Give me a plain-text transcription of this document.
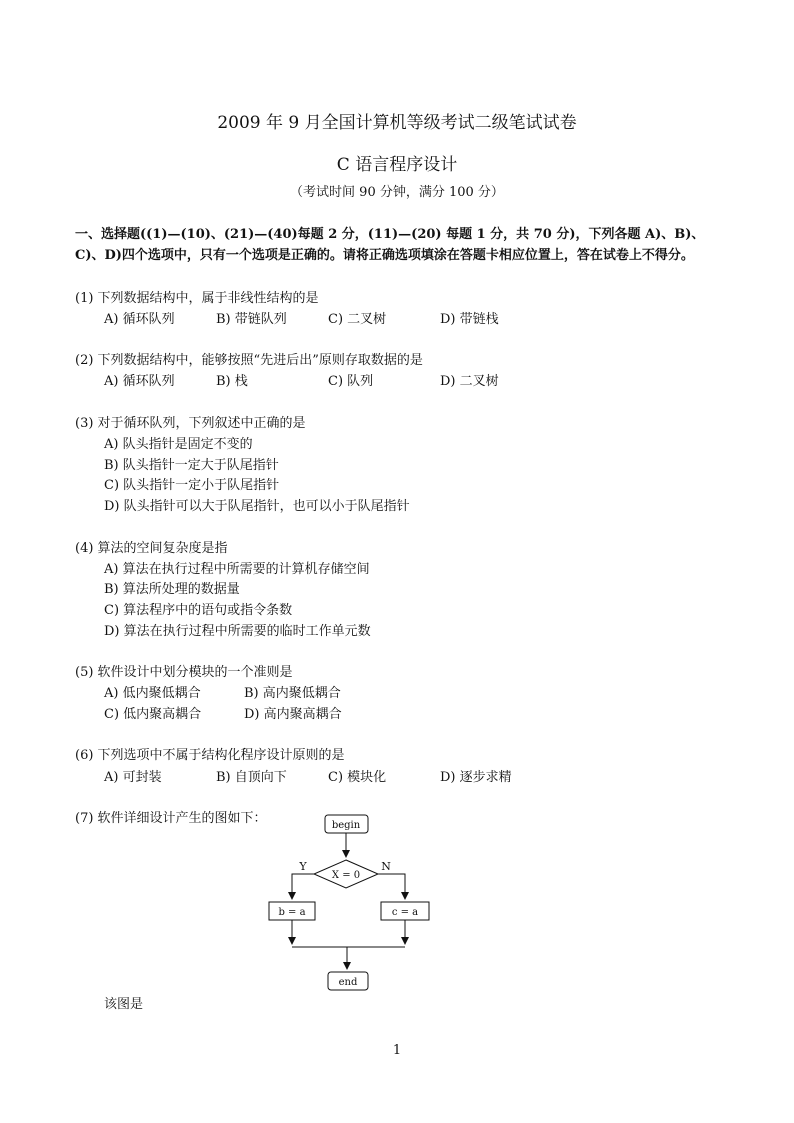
2009 年 9 月全国计算机等级考试二级笔试试卷
C 语言程序设计
（考试时间 90 分钟，满分 100 分）
一、选择题((1)—(10)、(21)—(40)每题 2 分，(11)—(20) 每题 1 分，共 70 分)，下列各题 A)、B)、C)、D)四个选项中，只有一个选项是正确的。请将正确选项填涂在答题卡相应位置上，答在试卷上不得分。
(1) 下列数据结构中，属于非线性结构的是
A) 循环队列	B) 带链队列	C) 二叉树	D) 带链栈
(2) 下列数据结构中，能够按照“先进后出”原则存取数据的是
A) 循环队列	B) 栈	C) 队列	D) 二叉树
(3) 对于循环队列，下列叙述中正确的是
A) 队头指针是固定不变的
B) 队头指针一定大于队尾指针
C) 队头指针一定小于队尾指针
D) 队头指针可以大于队尾指针，也可以小于队尾指针
(4) 算法的空间复杂度是指
A) 算法在执行过程中所需要的计算机存储空间
B) 算法所处理的数据量
C) 算法程序中的语句或指令条数
D) 算法在执行过程中所需要的临时工作单元数
(5) 软件设计中划分模块的一个准则是
A) 低内聚低耦合	B) 高内聚低耦合
C) 低内聚高耦合	D) 高内聚高耦合
(6) 下列选项中不属于结构化程序设计原则的是
A) 可封装	B) 自顶向下	C) 模块化	D) 逐步求精
(7) 软件详细设计产生的图如下：	begin
X = 0
Y	N
b = a	c = a
end
该图是
1
